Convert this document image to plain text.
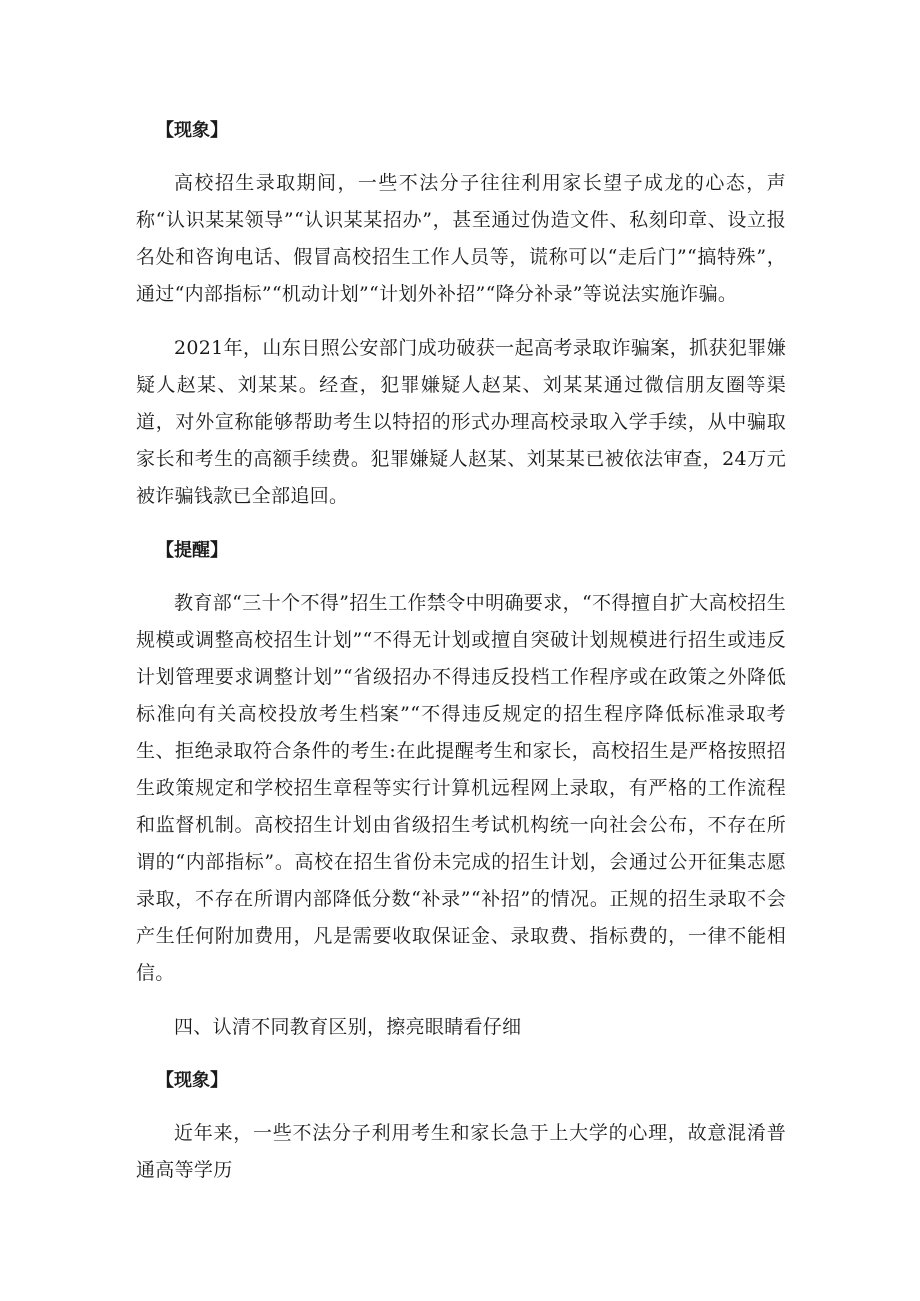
【现象】

高校招生录取期间，一些不法分子往往利用家长望子成龙的心态，声称“认识某某领导”“认识某某招办”，甚至通过伪造文件、私刻印章、设立报名处和咨询电话、假冒高校招生工作人员等，谎称可以“走后门”“搞特殊”，通过“内部指标”“机动计划”“计划外补招”“降分补录”等说法实施诈骗。

2021年，山东日照公安部门成功破获一起高考录取诈骗案，抓获犯罪嫌疑人赵某、刘某某。经查，犯罪嫌疑人赵某、刘某某通过微信朋友圈等渠道，对外宣称能够帮助考生以特招的形式办理高校录取入学手续，从中骗取家长和考生的高额手续费。犯罪嫌疑人赵某、刘某某已被依法审查，24万元被诈骗钱款已全部追回。

【提醒】

教育部“三十个不得”招生工作禁令中明确要求，“不得擅自扩大高校招生规模或调整高校招生计划”“不得无计划或擅自突破计划规模进行招生或违反计划管理要求调整计划”“省级招办不得违反投档工作程序或在政策之外降低标准向有关高校投放考生档案”“不得违反规定的招生程序降低标准录取考生、拒绝录取符合条件的考生:在此提醒考生和家长，高校招生是严格按照招生政策规定和学校招生章程等实行计算机远程网上录取，有严格的工作流程和监督机制。高校招生计划由省级招生考试机构统一向社会公布，不存在所谓的“内部指标”。高校在招生省份未完成的招生计划，会通过公开征集志愿录取，不存在所谓内部降低分数“补录”“补招”的情况。正规的招生录取不会产生任何附加费用，凡是需要收取保证金、录取费、指标费的，一律不能相信。

四、认清不同教育区别，擦亮眼睛看仔细

【现象】

近年来，一些不法分子利用考生和家长急于上大学的心理，故意混淆普通高等学历
